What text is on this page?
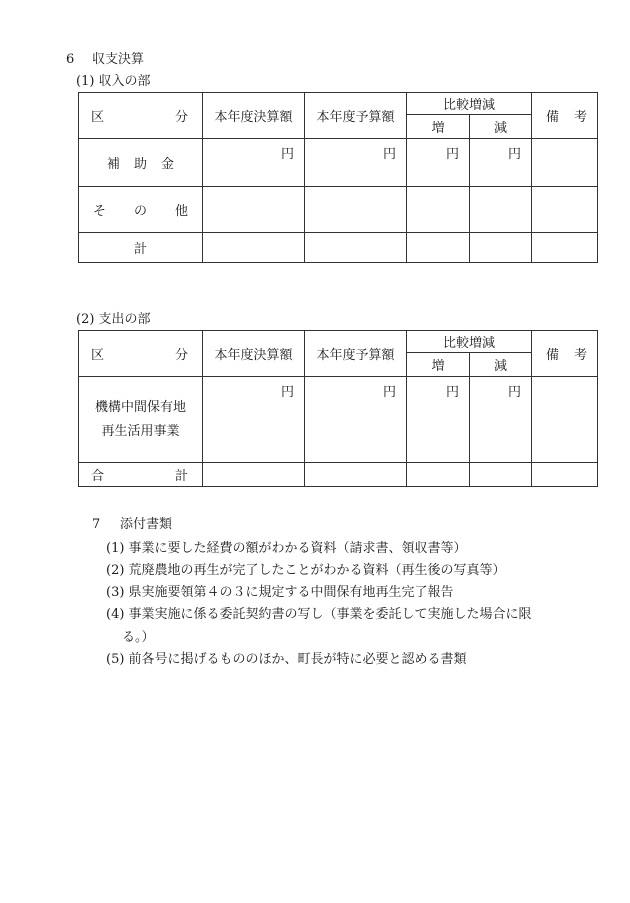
6 収支決算
(1) 収入の部
区 分	本年度決算額	本年度予算額	比較増減		備 考

			増	減	

補 助 金	円	円	円	円	

そ の 他					

計					
(2) 支出の部
区 分	本年度決算額	本年度予算額	比較増減		備 考

			増	減	

機構中間保有地
再生活用事業	円	円	円	円	

合 計					

7 添付書類
(1) 事業に要した経費の額がわかる資料（請求書、領収書等）
(2) 荒廃農地の再生が完了したことがわかる資料（再生後の写真等）
(3) 県実施要領第４の３に規定する中間保有地再生完了報告
(4) 事業実施に係る委託契約書の写し（事業を委託して実施した場合に限
る。）
(5) 前各号に掲げるもののほか、町長が特に必要と認める書類
